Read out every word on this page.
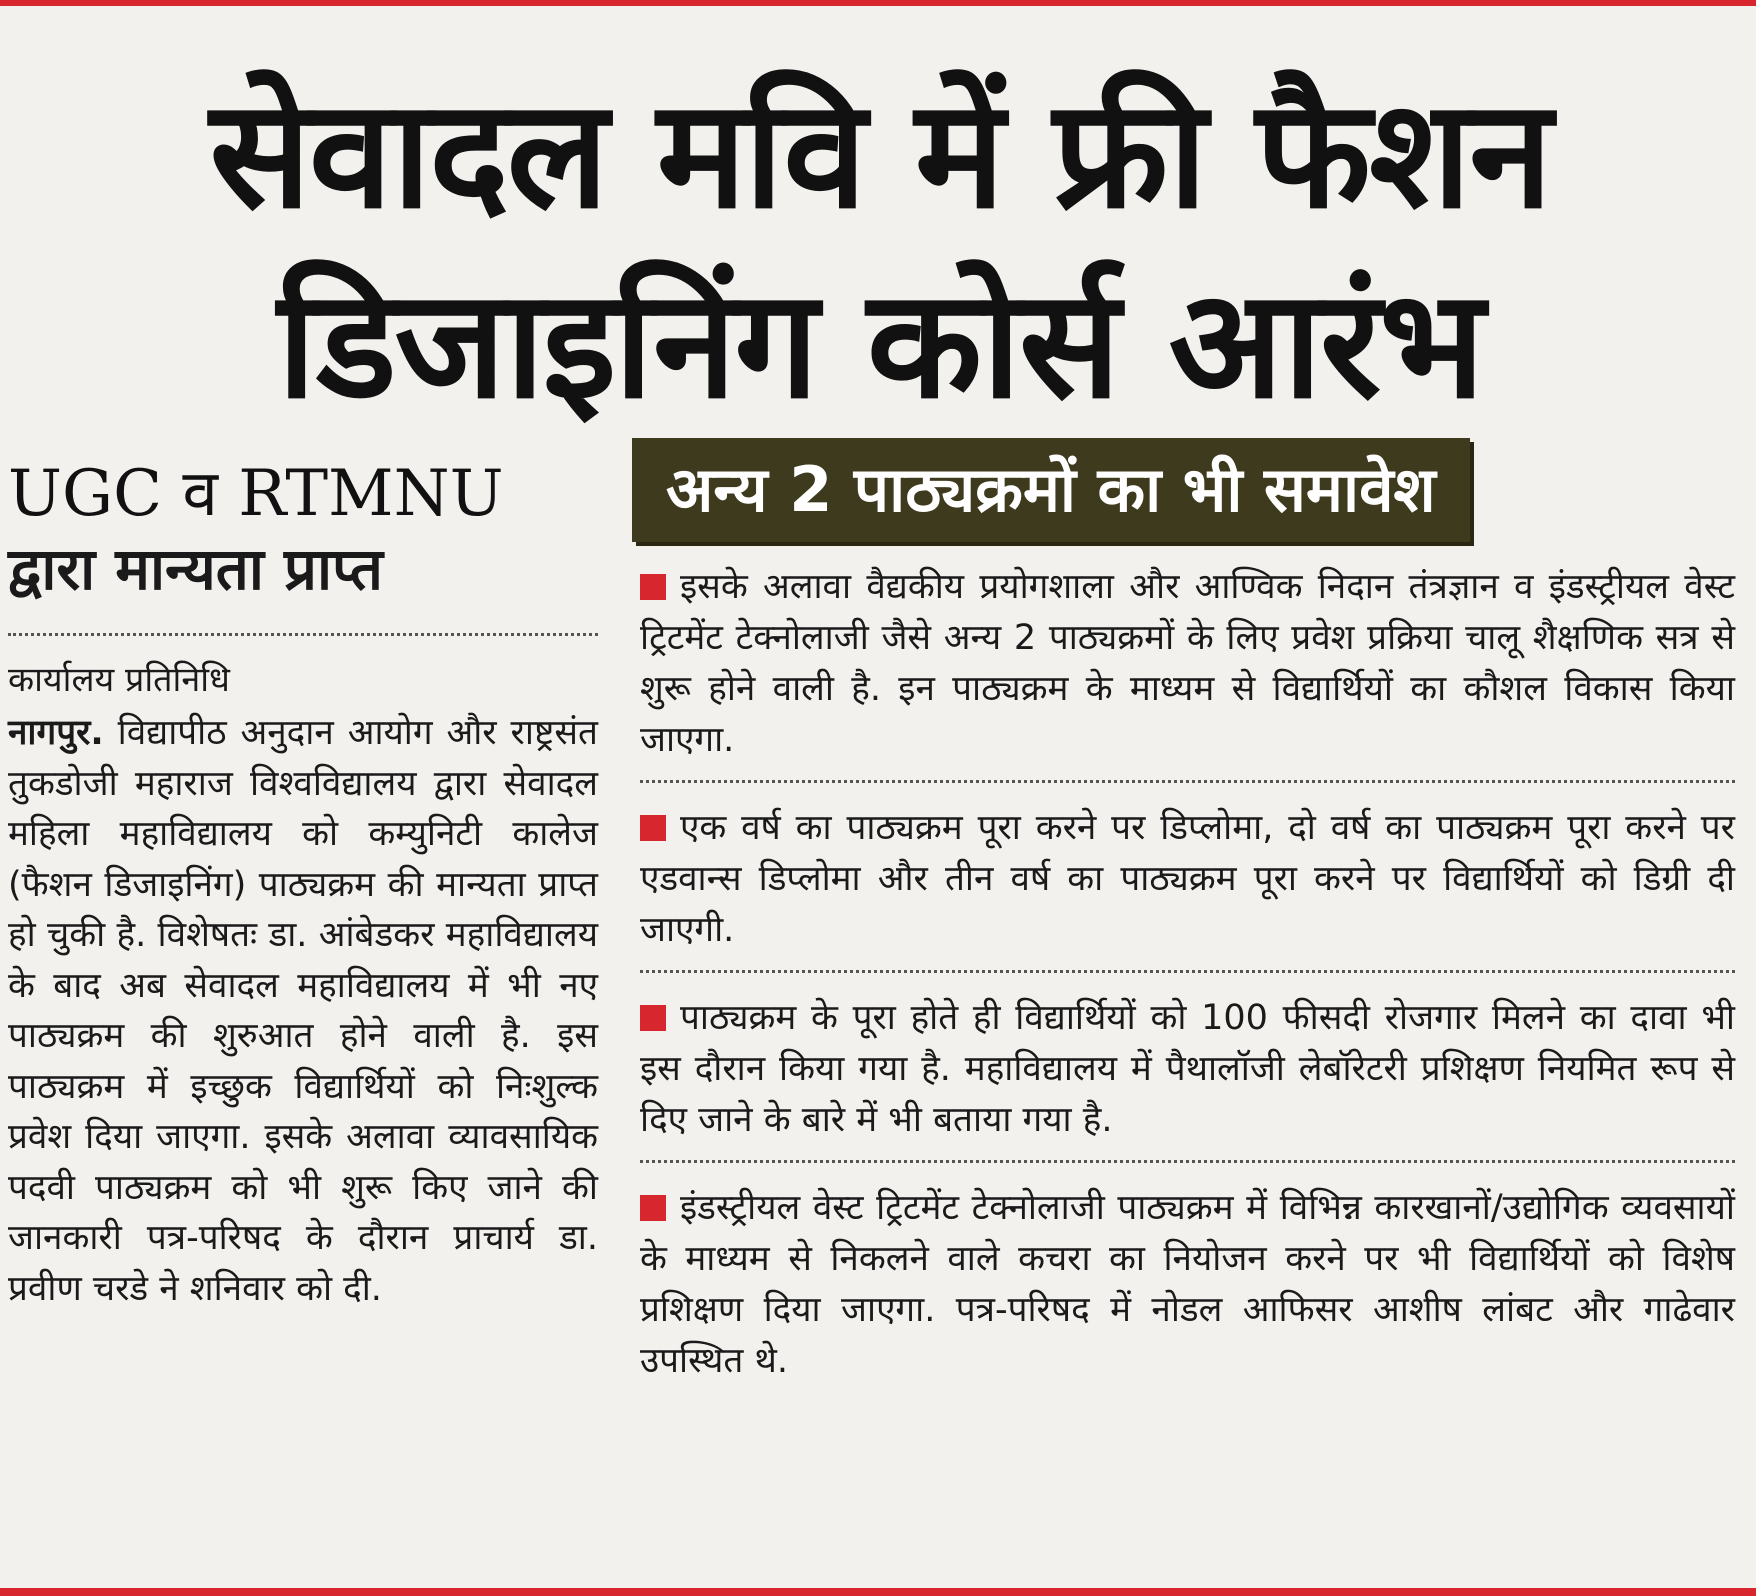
सेवादल मवि में फ्री फैशन
डिजाइनिंग कोर्स आरंभ

UGC व RTMNU

द्वारा मान्यता प्राप्त

कार्यालय प्रतिनिधि

नागपुर. विद्यापीठ अनुदान आयोग और राष्ट्रसंत तुकडोजी महाराज विश्वविद्यालय द्वारा सेवादल महिला महाविद्यालय को कम्युनिटी कालेज (फैशन डिजाइनिंग) पाठ्यक्रम की मान्यता प्राप्त हो चुकी है. विशेषतः डा. आंबेडकर महाविद्यालय के बाद अब सेवादल महाविद्यालय में भी नए पाठ्यक्रम की शुरुआत होने वाली है. इस पाठ्यक्रम में इच्छुक विद्यार्थियों को निःशुल्क प्रवेश दिया जाएगा. इसके अलावा व्यावसायिक पदवी पाठ्यक्रम को भी शुरू किए जाने की जानकारी पत्र-परिषद के दौरान प्राचार्य डा. प्रवीण चरडे ने शनिवार को दी.

अन्य 2 पाठ्यक्रमों का भी समावेश

इसके अलावा वैद्यकीय प्रयोगशाला और आण्विक निदान तंत्रज्ञान व इंडस्ट्रीयल वेस्ट ट्रिटमेंट टेक्नोलाजी जैसे अन्य 2 पाठ्यक्रमों के लिए प्रवेश प्रक्रिया चालू शैक्षणिक सत्र से शुरू होने वाली है. इन पाठ्यक्रम के माध्यम से विद्यार्थियों का कौशल विकास किया जाएगा.

एक वर्ष का पाठ्यक्रम पूरा करने पर डिप्लोमा, दो वर्ष का पाठ्यक्रम पूरा करने पर एडवान्स डिप्लोमा और तीन वर्ष का पाठ्यक्रम पूरा करने पर विद्यार्थियों को डिग्री दी जाएगी.

पाठ्यक्रम के पूरा होते ही विद्यार्थियों को 100 फीसदी रोजगार मिलने का दावा भी इस दौरान किया गया है. महाविद्यालय में पैथालॉजी लेबॉरेटरी प्रशिक्षण नियमित रूप से दिए जाने के बारे में भी बताया गया है.

इंडस्ट्रीयल वेस्ट ट्रिटमेंट टेक्नोलाजी पाठ्यक्रम में विभिन्न कारखानों/उद्योगिक व्यवसायों के माध्यम से निकलने वाले कचरा का नियोजन करने पर भी विद्यार्थियों को विशेष प्रशिक्षण दिया जाएगा. पत्र-परिषद में नोडल आफिसर आशीष लांबट और गाढेवार उपस्थित थे.
